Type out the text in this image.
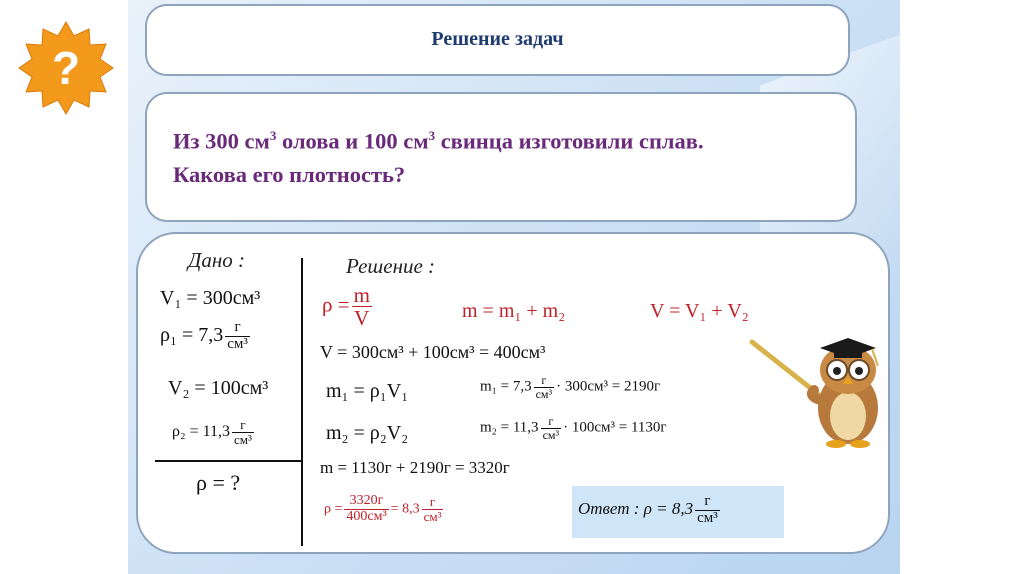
?
Решение задач
Из 300 $см^3$ олова и 100 $см^3$ свинца изготовили сплав.
Какова его плотность?
Дано :
V₁ = 300см³
$\rho_1 = 7,3 \frac{г}{\text{см³}}$
V₂ = 100см³
$\rho_2 = 11,3 \frac{г}{\text{см³}}$
ρ = ?
Решение :
$\rho = \frac{m}{V}$	m = m₁ + m₂	V = V₁ + V₂
V = 300см³ + 100см³ = 400см³
m₁ = ρ₁V₁	$m_1 = 7,3 \frac{г}{\text{см³}} \cdot 300см^3 = 2190г$
m₂ = ρ₂V₂	$m_2 = 11,3 \frac{г}{\text{см³}} \cdot 100см^3 = 1130г$
m = 1130г + 2190г = 3320г
$\rho = \frac{3320г}{\text{400см³}} = 8,3 \frac{г}{\text{см³}}$	Ответ : $\rho = 8,3 \frac{г}{\text{см³}}$
